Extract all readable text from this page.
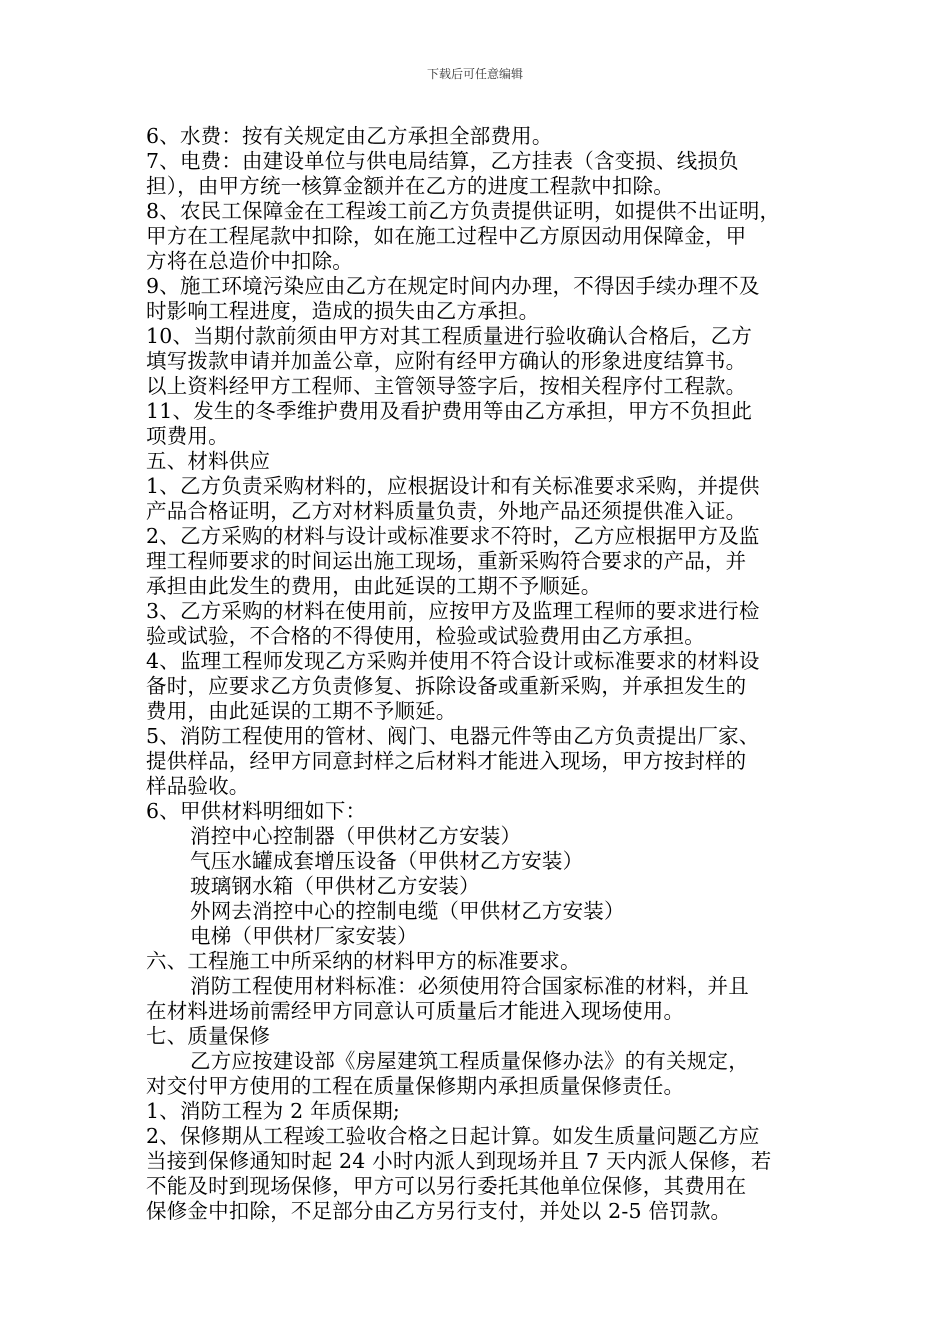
下载后可任意编辑

6、水费：按有关规定由乙方承担全部费用。

7、电费：由建设单位与供电局结算，乙方挂表（含变损、线损负

担），由甲方统一核算金额并在乙方的进度工程款中扣除。

8、农民工保障金在工程竣工前乙方负责提供证明，如提供不出证明，

甲方在工程尾款中扣除，如在施工过程中乙方原因动用保障金，甲

方将在总造价中扣除。

9、施工环境污染应由乙方在规定时间内办理，不得因手续办理不及

时影响工程进度，造成的损失由乙方承担。

10、当期付款前须由甲方对其工程质量进行验收确认合格后，乙方

填写拨款申请并加盖公章，应附有经甲方确认的形象进度结算书。

以上资料经甲方工程师、主管领导签字后，按相关程序付工程款。

11、发生的冬季维护费用及看护费用等由乙方承担，甲方不负担此

项费用。

五、材料供应

1、乙方负责采购材料的，应根据设计和有关标准要求采购，并提供

产品合格证明，乙方对材料质量负责，外地产品还须提供准入证。

2、乙方采购的材料与设计或标准要求不符时，乙方应根据甲方及监

理工程师要求的时间运出施工现场，重新采购符合要求的产品，并

承担由此发生的费用，由此延误的工期不予顺延。

3、乙方采购的材料在使用前，应按甲方及监理工程师的要求进行检

验或试验，不合格的不得使用，检验或试验费用由乙方承担。

4、监理工程师发现乙方采购并使用不符合设计或标准要求的材料设

备时，应要求乙方负责修复、拆除设备或重新采购，并承担发生的

费用，由此延误的工期不予顺延。

5、消防工程使用的管材、阀门、电器元件等由乙方负责提出厂家、

提供样品，经甲方同意封样之后材料才能进入现场，甲方按封样的

样品验收。

6、甲供材料明细如下：

消控中心控制器（甲供材乙方安装）

气压水罐成套增压设备（甲供材乙方安装）

玻璃钢水箱（甲供材乙方安装）

外网去消控中心的控制电缆（甲供材乙方安装）

电梯（甲供材厂家安装）

六、工程施工中所采纳的材料甲方的标准要求。

消防工程使用材料标准：必须使用符合国家标准的材料，并且

在材料进场前需经甲方同意认可质量后才能进入现场使用。

七、质量保修

乙方应按建设部《房屋建筑工程质量保修办法》的有关规定，

对交付甲方使用的工程在质量保修期内承担质量保修责任。

1、消防工程为 2 年质保期;

2、保修期从工程竣工验收合格之日起计算。如发生质量问题乙方应

当接到保修通知时起 24 小时内派人到现场并且 7 天内派人保修，若

不能及时到现场保修，甲方可以另行委托其他单位保修，其费用在

保修金中扣除，不足部分由乙方另行支付，并处以 2-5 倍罚款。
